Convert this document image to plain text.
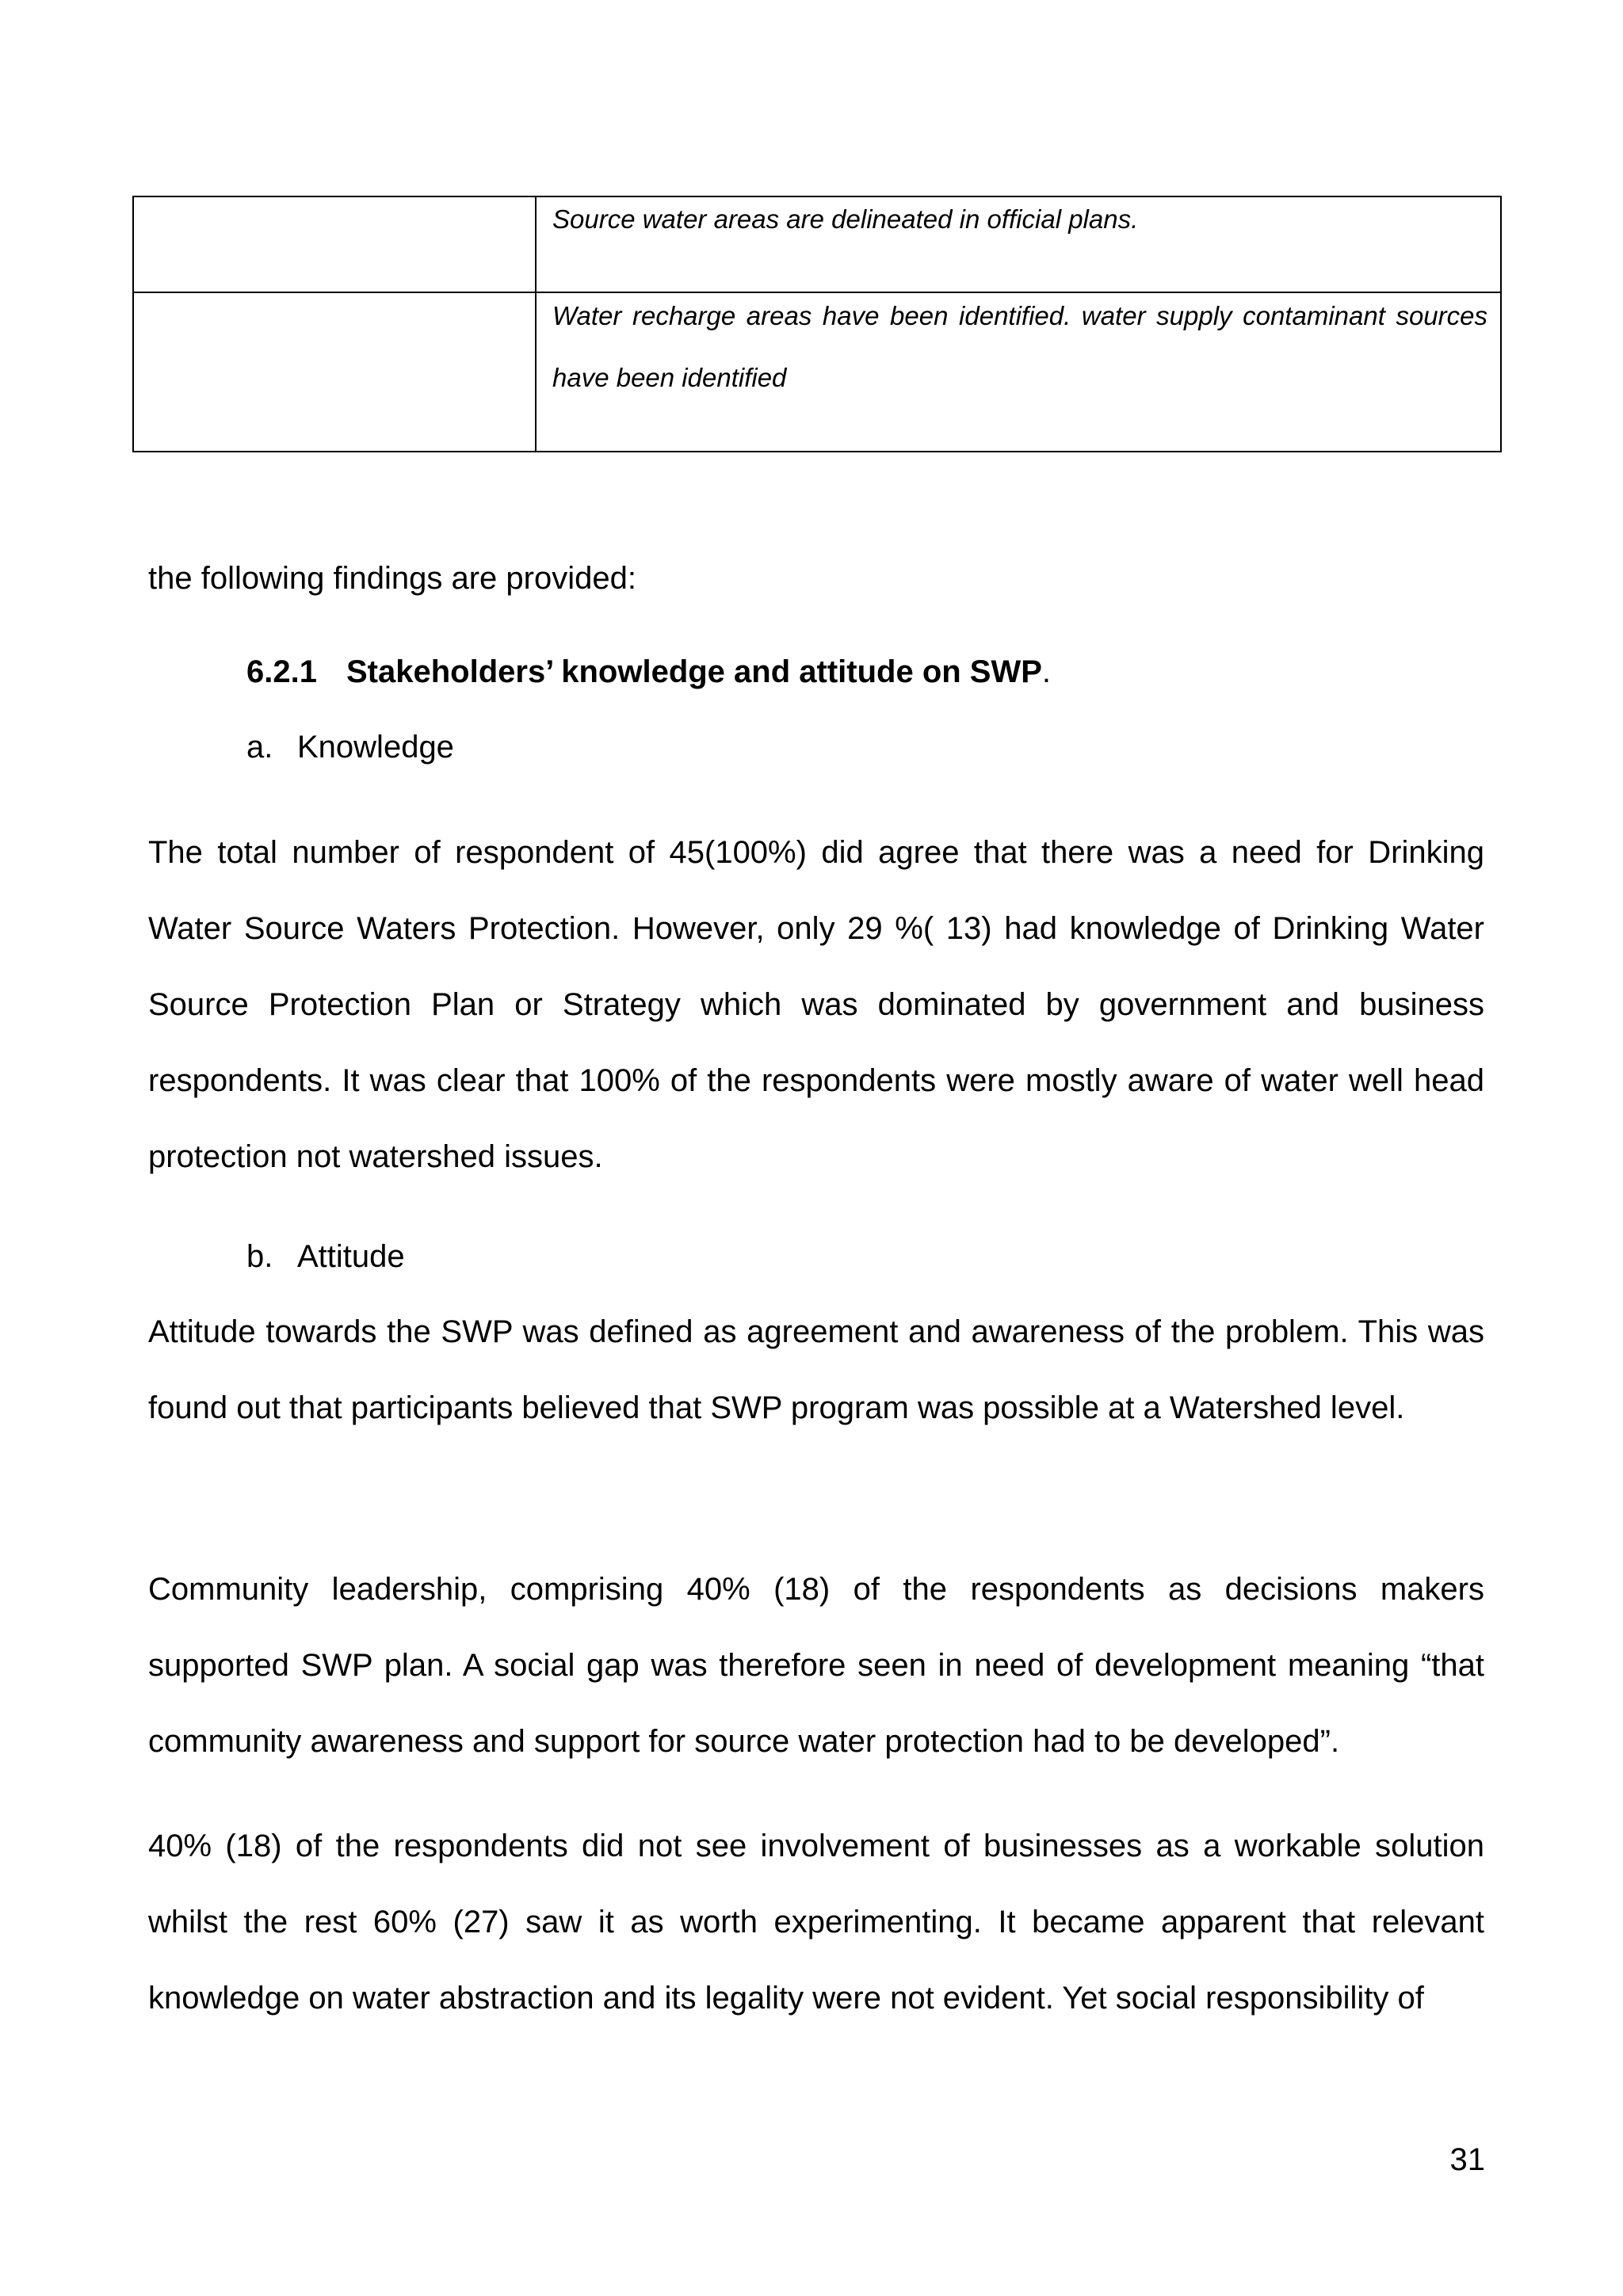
	Source water areas are delineated in official plans.

	Water recharge areas have been identified. water supply contaminant sources have been identified

the following findings are provided:

6.2.1 Stakeholders’ knowledge and attitude on SWP.
a. Knowledge

The total number of respondent of 45(100%) did agree that there was a need for Drinking Water Source Waters Protection. However, only 29 %( 13) had knowledge of Drinking Water Source Protection Plan or Strategy which was dominated by government and business respondents. It was clear that 100% of the respondents were mostly aware of water well head protection not watershed issues.

b. Attitude

Attitude towards the SWP was defined as agreement and awareness of the problem. This was found out that participants believed that SWP program was possible at a Watershed level.

Community leadership, comprising 40% (18) of the respondents as decisions makers supported SWP plan. A social gap was therefore seen in need of development meaning “that community awareness and support for source water protection had to be developed”.

40% (18) of the respondents did not see involvement of businesses as a workable solution whilst the rest 60% (27) saw it as worth experimenting. It became apparent that relevant knowledge on water abstraction and its legality were not evident. Yet social responsibility of

31
